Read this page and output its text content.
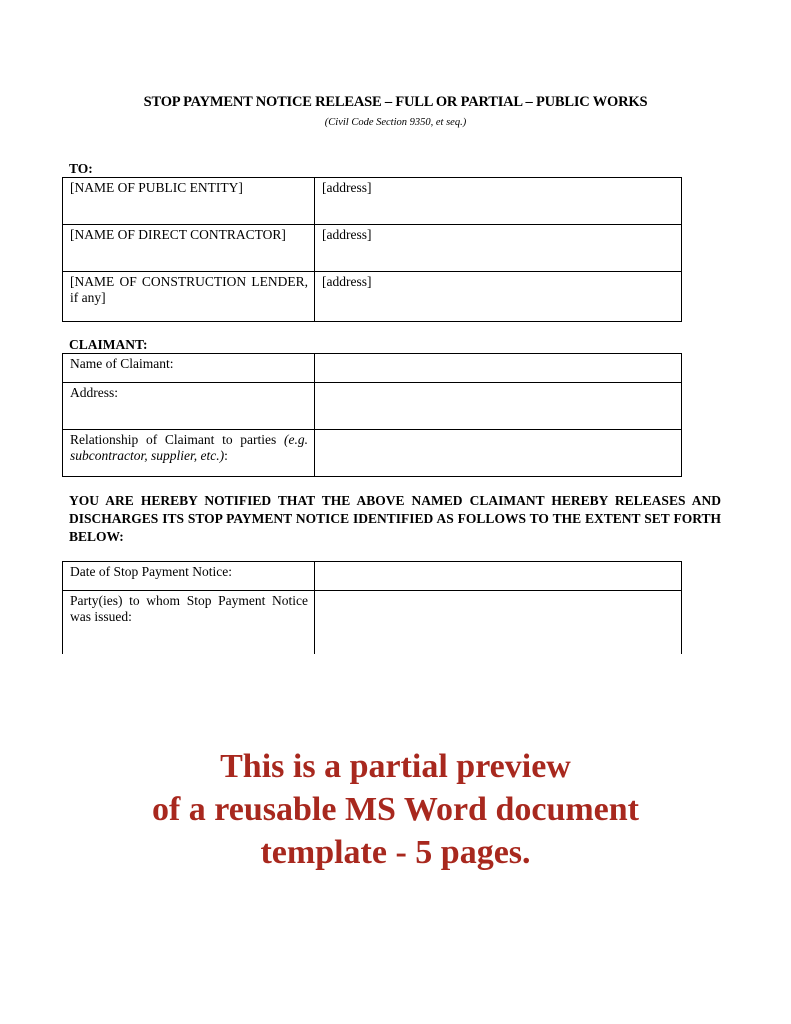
STOP PAYMENT NOTICE RELEASE – FULL OR PARTIAL – PUBLIC WORKS
(Civil Code Section 9350, et seq.)
TO:
[NAME OF PUBLIC ENTITY]	[address]
[NAME OF DIRECT CONTRACTOR]	[address]
[NAME OF CONSTRUCTION LENDER, if any]	[address]
CLAIMANT:
Name of Claimant:	
Address:	
Relationship of Claimant to parties (e.g. subcontractor, supplier, etc.):	
YOU ARE HEREBY NOTIFIED THAT THE ABOVE NAMED CLAIMANT HEREBY RELEASES AND DISCHARGES ITS STOP PAYMENT NOTICE IDENTIFIED AS FOLLOWS TO THE EXTENT SET FORTH BELOW:
Date of Stop Payment Notice:	
Party(ies) to whom Stop Payment Notice was issued:	
This is a partial preview
of a reusable MS Word document
template - 5 pages.
